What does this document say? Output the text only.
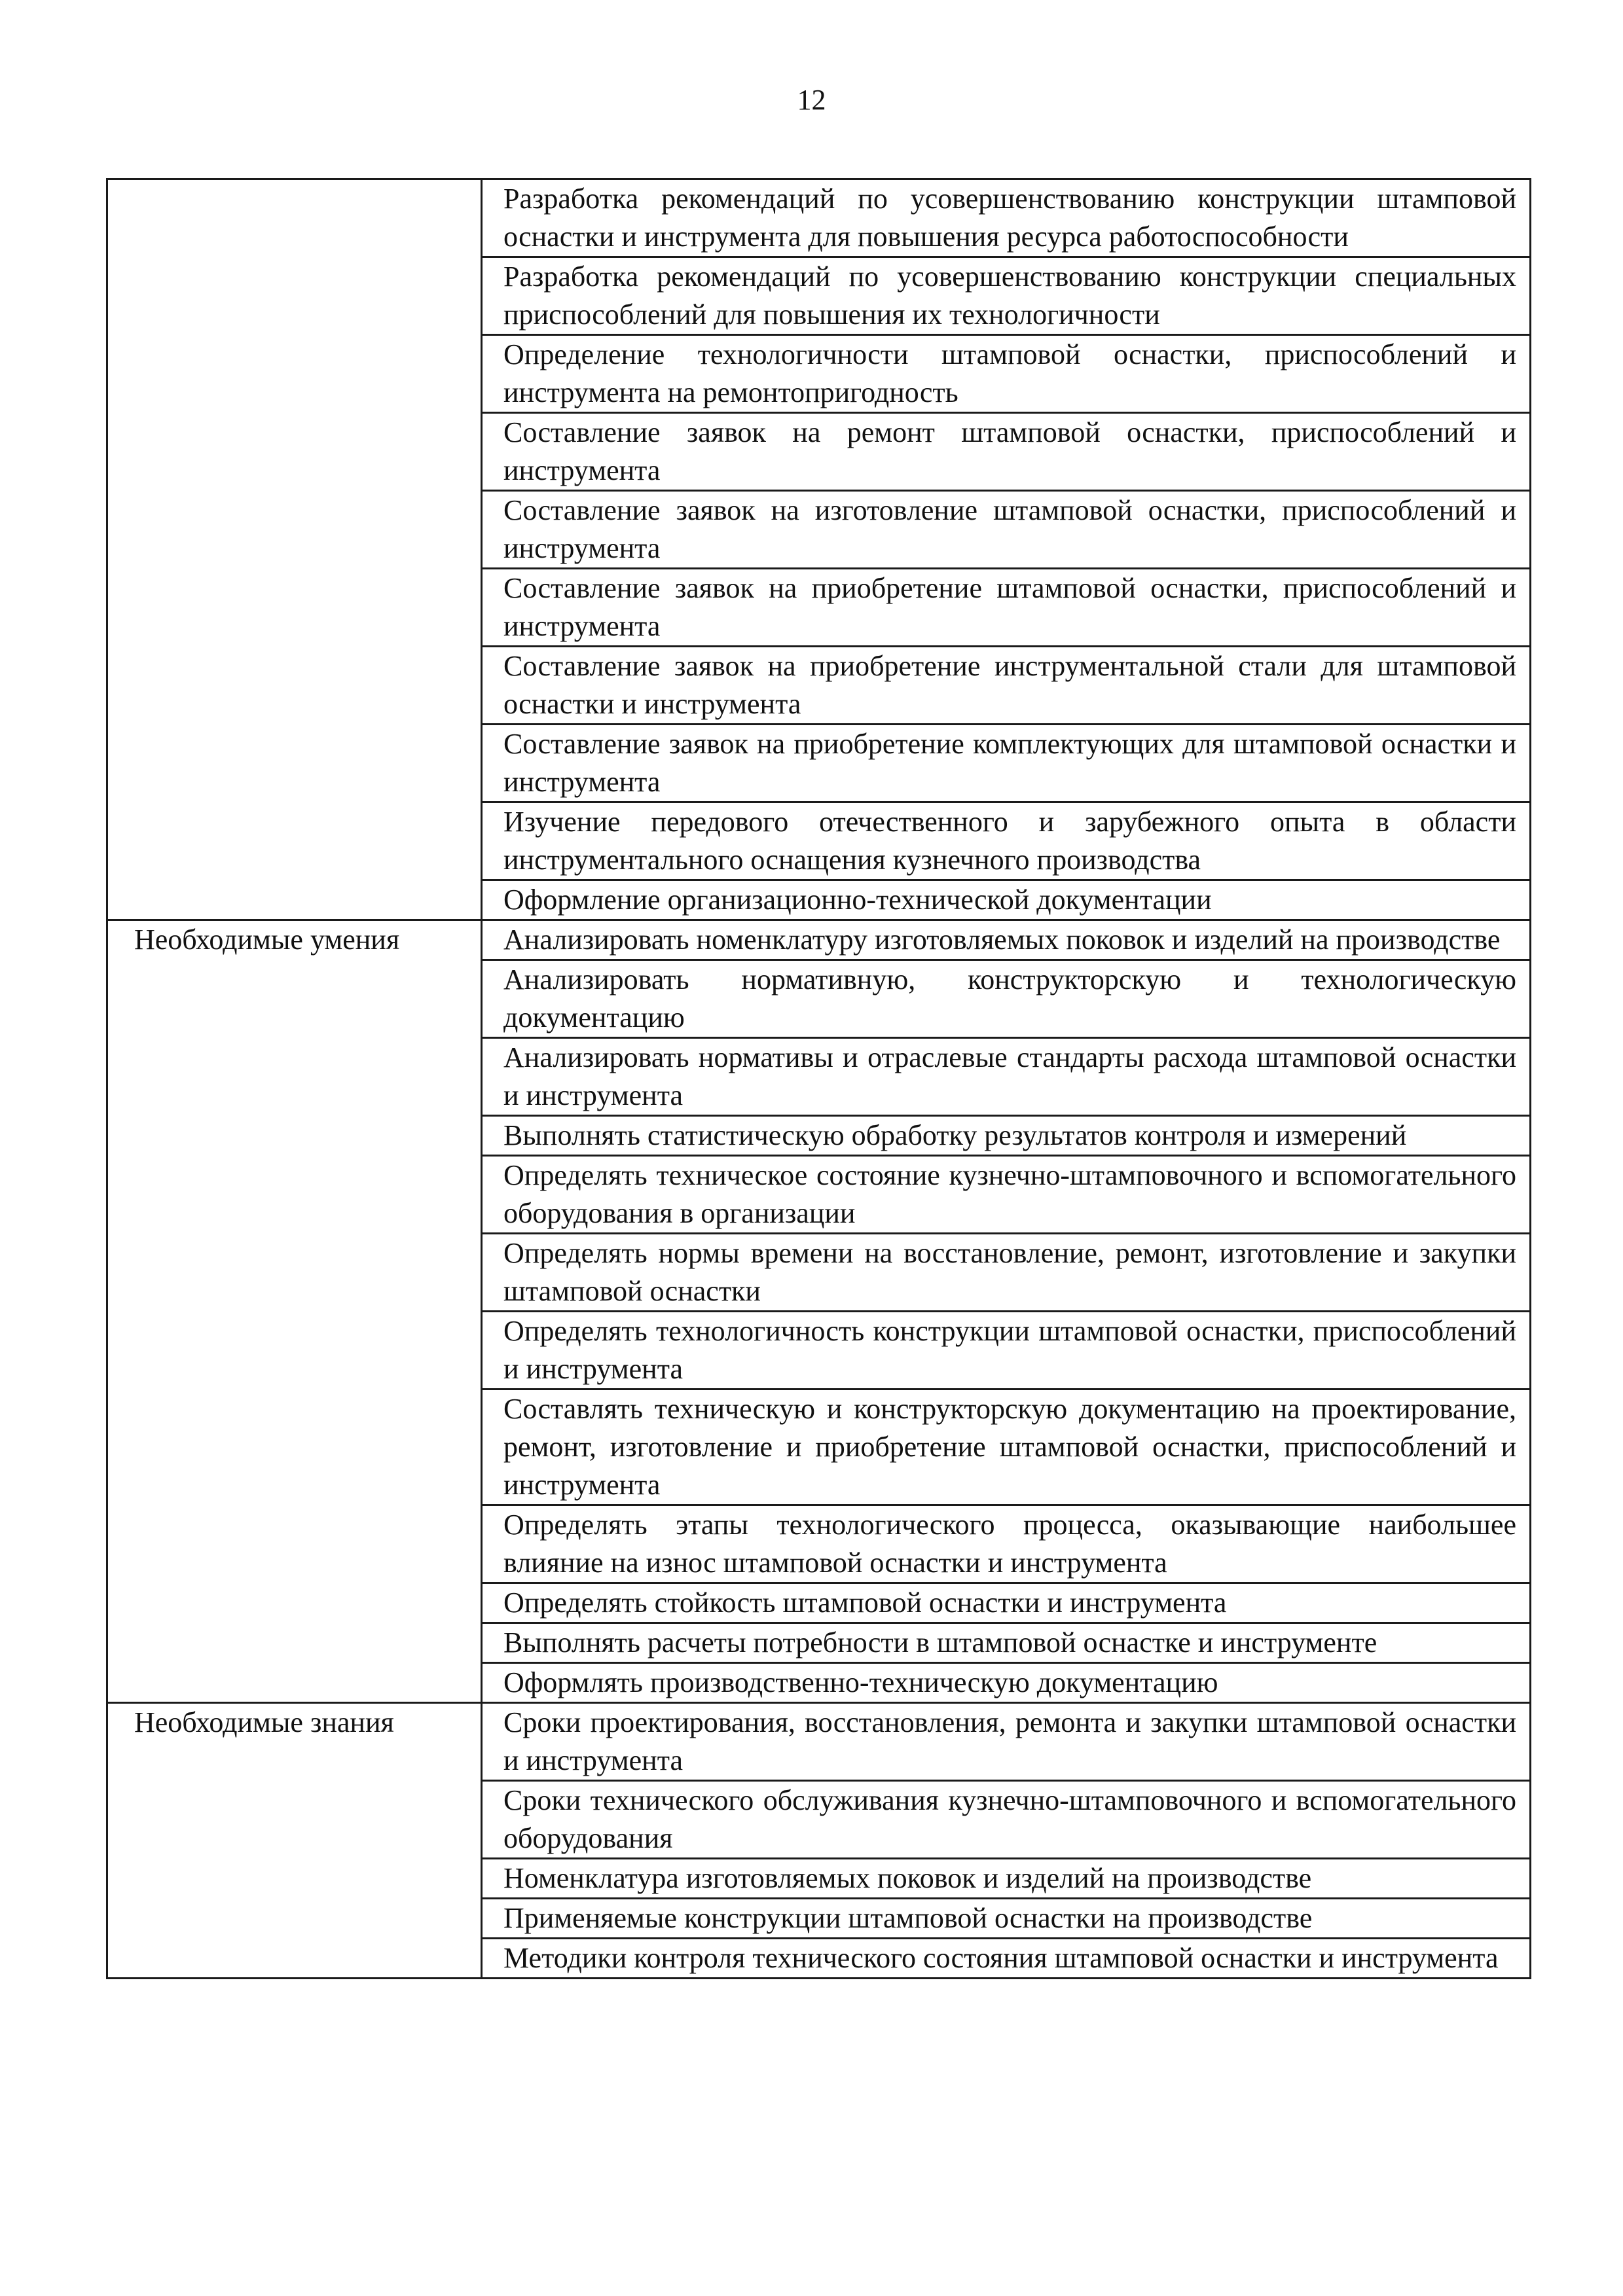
12
	Разработка рекомендаций по усовершенствованию конструкции штамповой оснастки и инструмента для повышения ресурса работоспособности
	Разработка рекомендаций по усовершенствованию конструкции специальных приспособлений для повышения их технологичности
	Определение технологичности штамповой оснастки, приспособлений и инструмента на ремонтопригодность
	Составление заявок на ремонт штамповой оснастки, приспособлений и инструмента
	Составление заявок на изготовление штамповой оснастки, приспособлений и инструмента
	Составление заявок на приобретение штамповой оснастки, приспособлений и инструмента
	Составление заявок на приобретение инструментальной стали для штамповой оснастки и инструмента
	Составление заявок на приобретение комплектующих для штамповой оснастки и инструмента
	Изучение передового отечественного и зарубежного опыта в области инструментального оснащения кузнечного производства
	Оформление организационно-технической документации
Необходимые умения	Анализировать номенклатуру изготовляемых поковок и изделий на производстве
	Анализировать нормативную, конструкторскую и технологическую документацию
	Анализировать нормативы и отраслевые стандарты расхода штамповой оснастки и инструмента
	Выполнять статистическую обработку результатов контроля и измерений
	Определять техническое состояние кузнечно-штамповочного и вспомогательного оборудования в организации
	Определять нормы времени на восстановление, ремонт, изготовление и закупки штамповой оснастки
	Определять технологичность конструкции штамповой оснастки, приспособлений и инструмента
	Составлять техническую и конструкторскую документацию на проектирование, ремонт, изготовление и приобретение штамповой оснастки, приспособлений и инструмента
	Определять этапы технологического процесса, оказывающие наибольшее влияние на износ штамповой оснастки и инструмента
	Определять стойкость штамповой оснастки и инструмента
	Выполнять расчеты потребности в штамповой оснастке и инструменте
	Оформлять производственно-техническую документацию
Необходимые знания	Сроки проектирования, восстановления, ремонта и закупки штамповой оснастки и инструмента
	Сроки технического обслуживания кузнечно-штамповочного и вспомогательного оборудования
	Номенклатура изготовляемых поковок и изделий на производстве
	Применяемые конструкции штамповой оснастки на производстве
	Методики контроля технического состояния штамповой оснастки и инструмента
